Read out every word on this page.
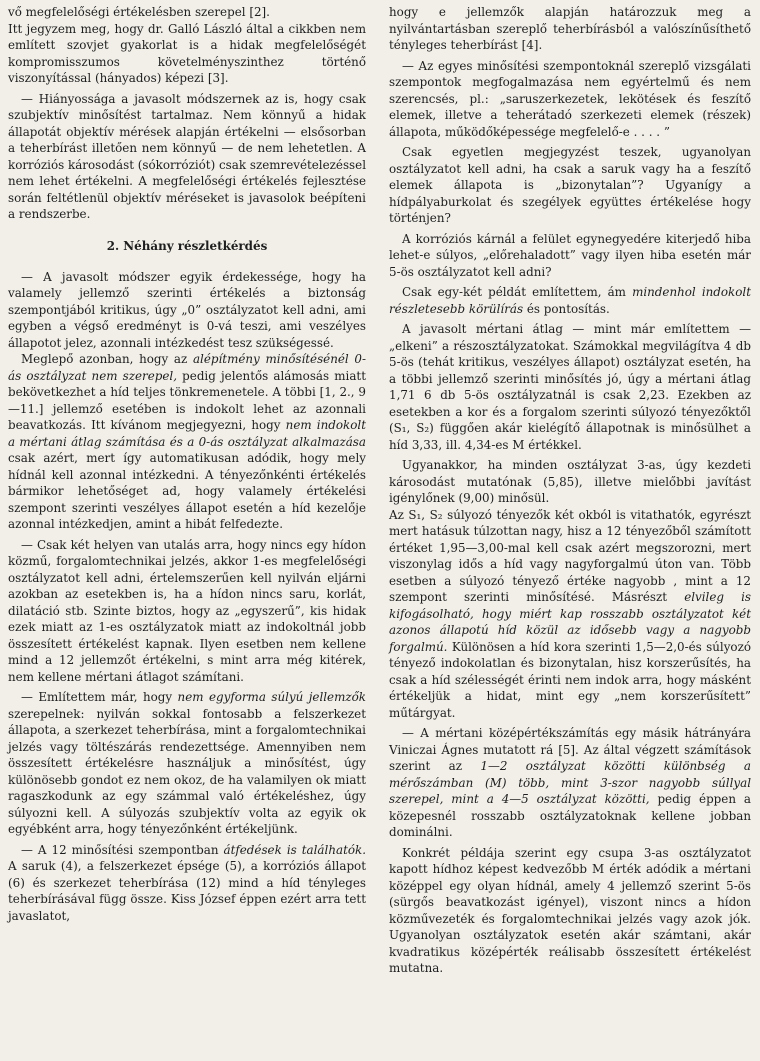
vő megfelelőségi értékelésben szerepel [2].

Itt jegyzem meg, hogy dr. Galló László által a cikkben nem említett szovjet gyakorlat is a hidak megfelelőségét kompromisszumos követelményszinthez történő viszonyítással (hányados) képezi [3].

— Hiányossága a javasolt módszernek az is, hogy csak szubjektív minősítést tartalmaz. Nem könnyű a hidak állapotát objektív mérések alapján értékelni — elsősorban a teherbírást illetően nem könnyű — de nem lehetetlen. A korróziós károsodást (sókorróziót) csak szemrevételezéssel nem lehet értékelni. A megfelelőségi értékelés fejlesztése során feltétlenül objektív méréseket is javasolok beépíteni a rendszerbe.

2. Néhány részletkérdés

— A javasolt módszer egyik érdekessége, hogy ha valamely jellemző szerinti értékelés a biztonság szempontjából kritikus, úgy „0” osztályzatot kell adni, ami egyben a végső eredményt is 0-vá teszi, ami veszélyes állapotot jelez, azonnali intézkedést tesz szükségessé.

Meglepő azonban, hogy az alépítmény minősítésénél 0-ás osztályzat nem szerepel, pedig jelentős alámosás miatt bekövetkezhet a híd teljes tönkremenetele. A többi [1, 2., 9—11.] jellemző esetében is indokolt lehet az azonnali beavatkozás. Itt kívánom megjegyezni, hogy nem indokolt a mértani átlag számítása és a 0-ás osztályzat alkalmazása csak azért, mert így automatikusan adódik, hogy mely hídnál kell azonnal intézkedni. A tényezőnkénti értékelés bármikor lehetőséget ad, hogy valamely értékelési szempont szerinti veszélyes állapot esetén a híd kezelője azonnal intézkedjen, amint a hibát felfedezte.

— Csak két helyen van utalás arra, hogy nincs egy hídon közmű, forgalomtechnikai jelzés, akkor 1-es megfelelőségi osztályzatot kell adni, értelemszerűen kell nyilván eljárni azokban az esetekben is, ha a hídon nincs saru, korlát, dilatáció stb. Szinte biztos, hogy az „egyszerű”, kis hidak ezek miatt az 1-es osztályzatok miatt az indokoltnál jobb összesített értékelést kapnak. Ilyen esetben nem kellene mind a 12 jellemzőt értékelni, s mint arra még kitérek, nem kellene mértani átlagot számítani.

— Említettem már, hogy nem egyforma súlyú jellemzők szerepelnek: nyilván sokkal fontosabb a felszerkezet állapota, a szerkezet teherbírása, mint a forgalomtechnikai jelzés vagy töltészárás rendezettsége. Amennyiben nem összesített értékelésre használjuk a minősítést, úgy különösebb gondot ez nem okoz, de ha valamilyen ok miatt ragaszkodunk az egy számmal való értékeléshez, úgy súlyozni kell. A súlyozás szubjektív volta az egyik ok egyébként arra, hogy tényezőnként értékeljünk.

— A 12 minősítési szempontban átfedések is találhatók. A saruk (4), a felszerkezet épsége (5), a korróziós állapot (6) és szerkezet teherbírása (12) mind a híd tényleges teherbírásával függ össze. Kiss József éppen ezért arra tett javaslatot,

hogy e jellemzők alapján határozzuk meg a nyilvántartásban szereplő teherbírásból a valószínűsíthető tényleges teherbírást [4].

— Az egyes minősítési szempontoknál szereplő vizsgálati szempontok megfogalmazása nem egyértelmű és nem szerencsés, pl.: „saruszerkezetek, lekötések és feszítő elemek, illetve a teherátadó szerkezeti elemek (részek) állapota, működőképessége megfelelő-e . . . . ”

Csak egyetlen megjegyzést teszek, ugyanolyan osztályzatot kell adni, ha csak a saruk vagy ha a feszítő elemek állapota is „bizonytalan”? Ugyanígy a hídpályaburkolat és szegélyek együttes értékelése hogy történjen?

A korróziós kárnál a felület egynegyedére kiterjedő hiba lehet-e súlyos, „előrehaladott” vagy ilyen hiba esetén már 5-ös osztályzatot kell adni?

Csak egy-két példát említettem, ám mindenhol indokolt részletesebb körülírás és pontosítás.

A javasolt mértani átlag — mint már említettem — „elkeni” a részosztályzatokat. Számokkal megvilágítva 4 db 5-ös (tehát kritikus, veszélyes állapot) osztályzat esetén, ha a többi jellemző szerinti minősítés jó, úgy a mértani átlag 1,71 6 db 5-ös osztályzatnál is csak 2,23. Ezekben az esetekben a kor és a forgalom szerinti súlyozó tényezőktől (S₁, S₂) függően akár kielégítő állapotnak is minősülhet a híd 3,33, ill. 4,34-es M értékkel.

Ugyanakkor, ha minden osztályzat 3-as, úgy kezdeti károsodást mutatónak (5,85), illetve mielőbbi javítást igénylőnek (9,00) minősül.

Az S₁, S₂ súlyozó tényezők két okból is vitathatók, egyrészt mert hatásuk túlzottan nagy, hisz a 12 tényezőből számított értéket 1,95—3,00-mal kell csak azért megszorozni, mert viszonylag idős a híd vagy nagyforgalmú úton van. Több esetben a súlyozó tényező értéke nagyobb , mint a 12 szempont szerinti minősítésé. Másrészt elvileg is kifogásolható, hogy miért kap rosszabb osztályzatot két azonos állapotú híd közül az idősebb vagy a nagyobb forgalmú. Különösen a híd kora szerinti 1,5—2,0-és súlyozó tényező indokolatlan és bizonytalan, hisz korszerűsítés, ha csak a híd szélességét érinti nem indok arra, hogy másként értékeljük a hidat, mint egy „nem korszerűsített” műtárgyat.

— A mértani középértékszámítás egy másik hátrányára Viniczai Ágnes mutatott rá [5]. Az által végzett számítások szerint az 1—2 osztályzat közötti különbség a mérőszámban (M) több, mint 3-szor nagyobb súllyal szerepel, mint a 4—5 osztályzat közötti, pedig éppen a közepesnél rosszabb osztályzatoknak kellene jobban dominálni.

Konkrét példája szerint egy csupa 3-as osztályzatot kapott hídhoz képest kedvezőbb M érték adódik a mértani középpel egy olyan hídnál, amely 4 jellemző szerint 5-ös (sürgős beavatkozást igényel), viszont nincs a hídon közművezeték és forgalomtechnikai jelzés vagy azok jók. Ugyanolyan osztályzatok esetén akár számtani, akár kvadratikus középérték reálisabb összesített értékelést mutatna.
